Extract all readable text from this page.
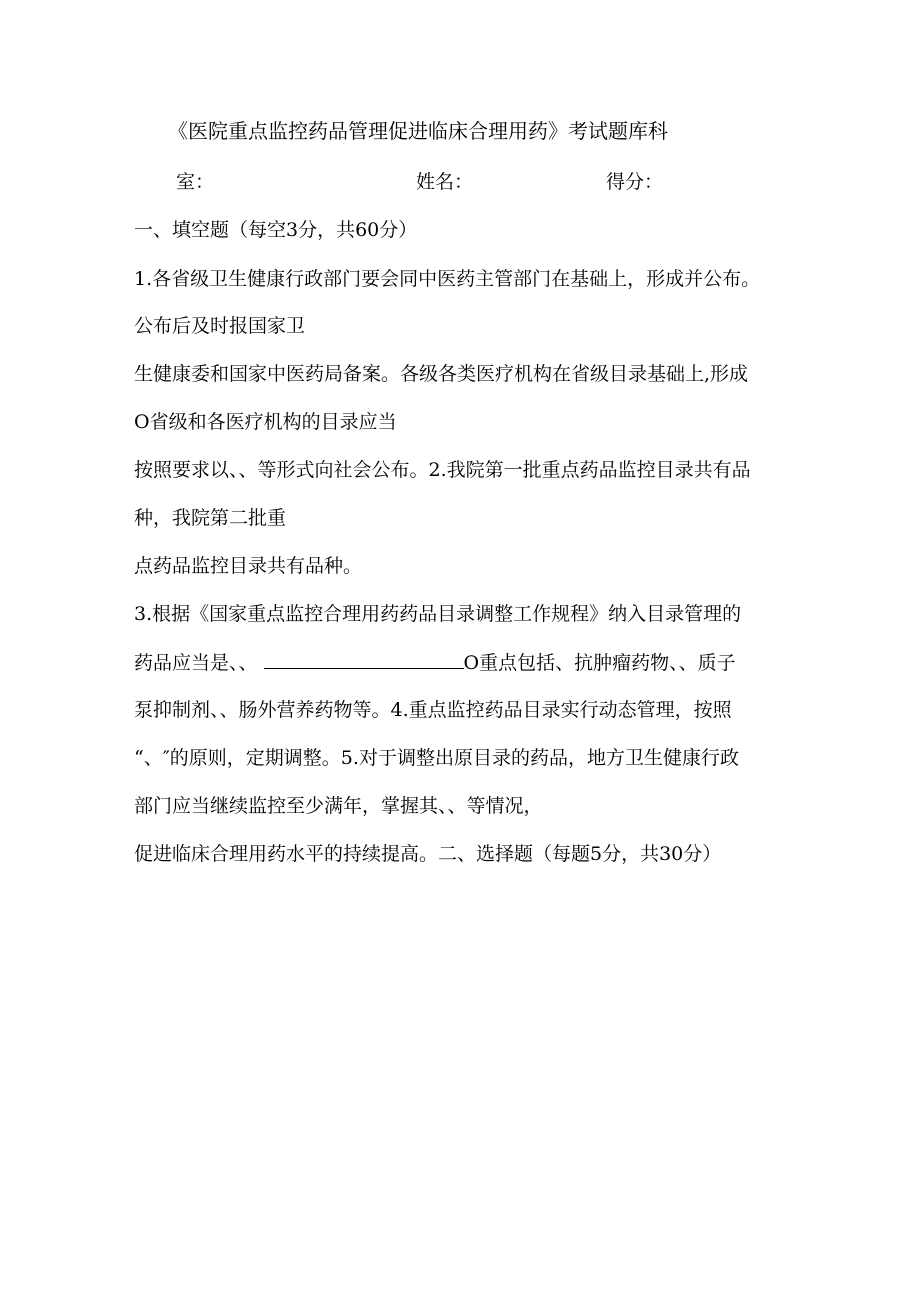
《医院重点监控药品管理促进临床合理用药》考试题库科
室：	姓名：	得分：
一、填空题（每空3分，共60分）
1.各省级卫生健康行政部门要会同中医药主管部门在基础上，形成并公布。
公布后及时报国家卫
生健康委和国家中医药局备案。各级各类医疗机构在省级目录基础上,形成
O省级和各医疗机构的目录应当
按照要求以、、等形式向社会公布。2.我院第一批重点药品监控目录共有品
种，我院第二批重
点药品监控目录共有品种。
3.根据《国家重点监控合理用药药品目录调整工作规程》纳入目录管理的
药品应当是、、	O重点包括、抗肿瘤药物、、质子
泵抑制剂、、肠外营养药物等。4.重点监控药品目录实行动态管理，按照
“、″的原则，定期调整。5.对于调整出原目录的药品，地方卫生健康行政
部门应当继续监控至少满年，掌握其、、等情况，
促进临床合理用药水平的持续提高。二、选择题（每题5分，共30分）
